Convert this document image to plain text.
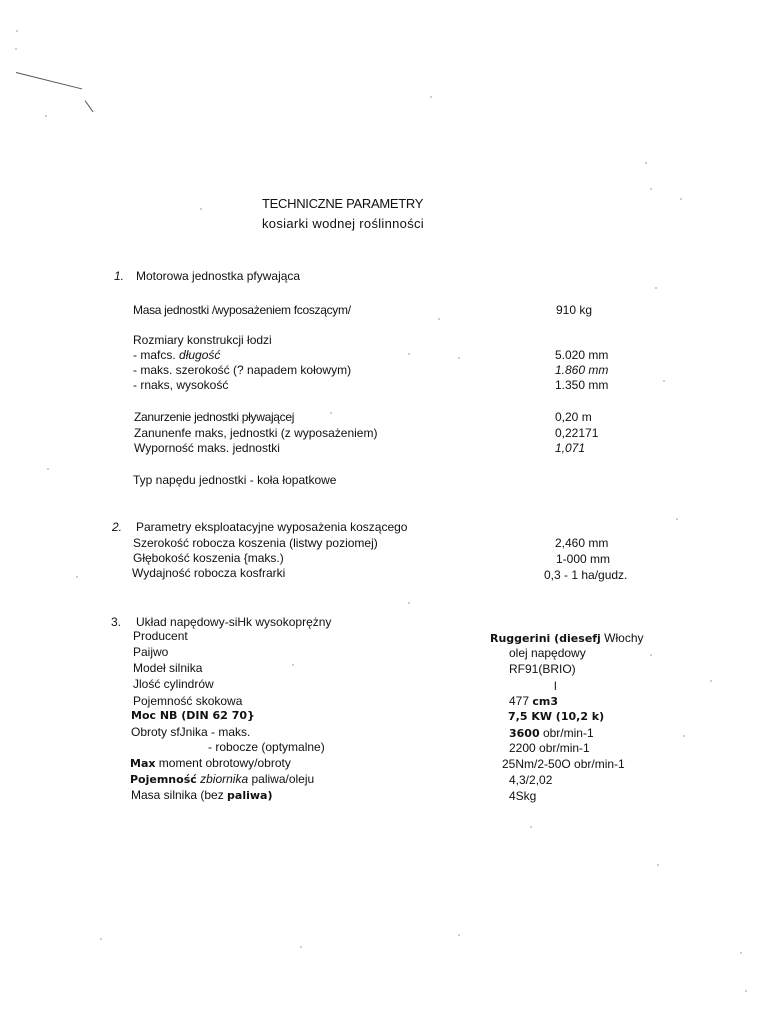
TECHNICZNE PARAMETRY
kosiarki wodnej roślinności
1. Motorowa jednostka pfywająca
Masa jednostki /wyposażeniem fcoszącym/	910 kg
Rozmiary konstrukcji łodzi
- mafcs. długość	5.020 mm
- maks. szerokość (? napadem kołowym)	1.860 mm
- rnaks, wysokość	1.350 mm
Zanurzenie jednostki pływającej	0,20 m
Zanunenfe maks, jednostki (z wyposażeniem)	0,22171
Wyporność maks. jednostki	1,071
Typ napędu jednostki - koła łopatkowe
2. Parametry eksploatacyjne wyposażenia koszącego
Szerokość robocza koszenia (listwy poziomej)	2,460 mm
Głębokość koszenia {maks.)	1-000 mm
Wydajność robocza kosfrarki	0,3 - 1 ha/gudz.
3. Układ napędowy-siHk wysokoprężny
Producent	Ruggerini (diesefj Włochy
Paijwo	olej napędowy
Modeł silnika	RF91(BRIO)
Jlość cylindrów	l
Pojemność skokowa	477 cm3
Moc NB (DIN 62 70}	7,5 KW (10,2 k)
Obroty sfJnika - maks.	3600 obr/min-1
- robocze (optymalne)	2200 obr/min-1
Max moment obrotowy/obroty	25Nm/2-50O obr/min-1
Pojemność zbiornika paliwa/oleju	4,3/2,02
Masa silnika (bez paliwa)	4Skg
